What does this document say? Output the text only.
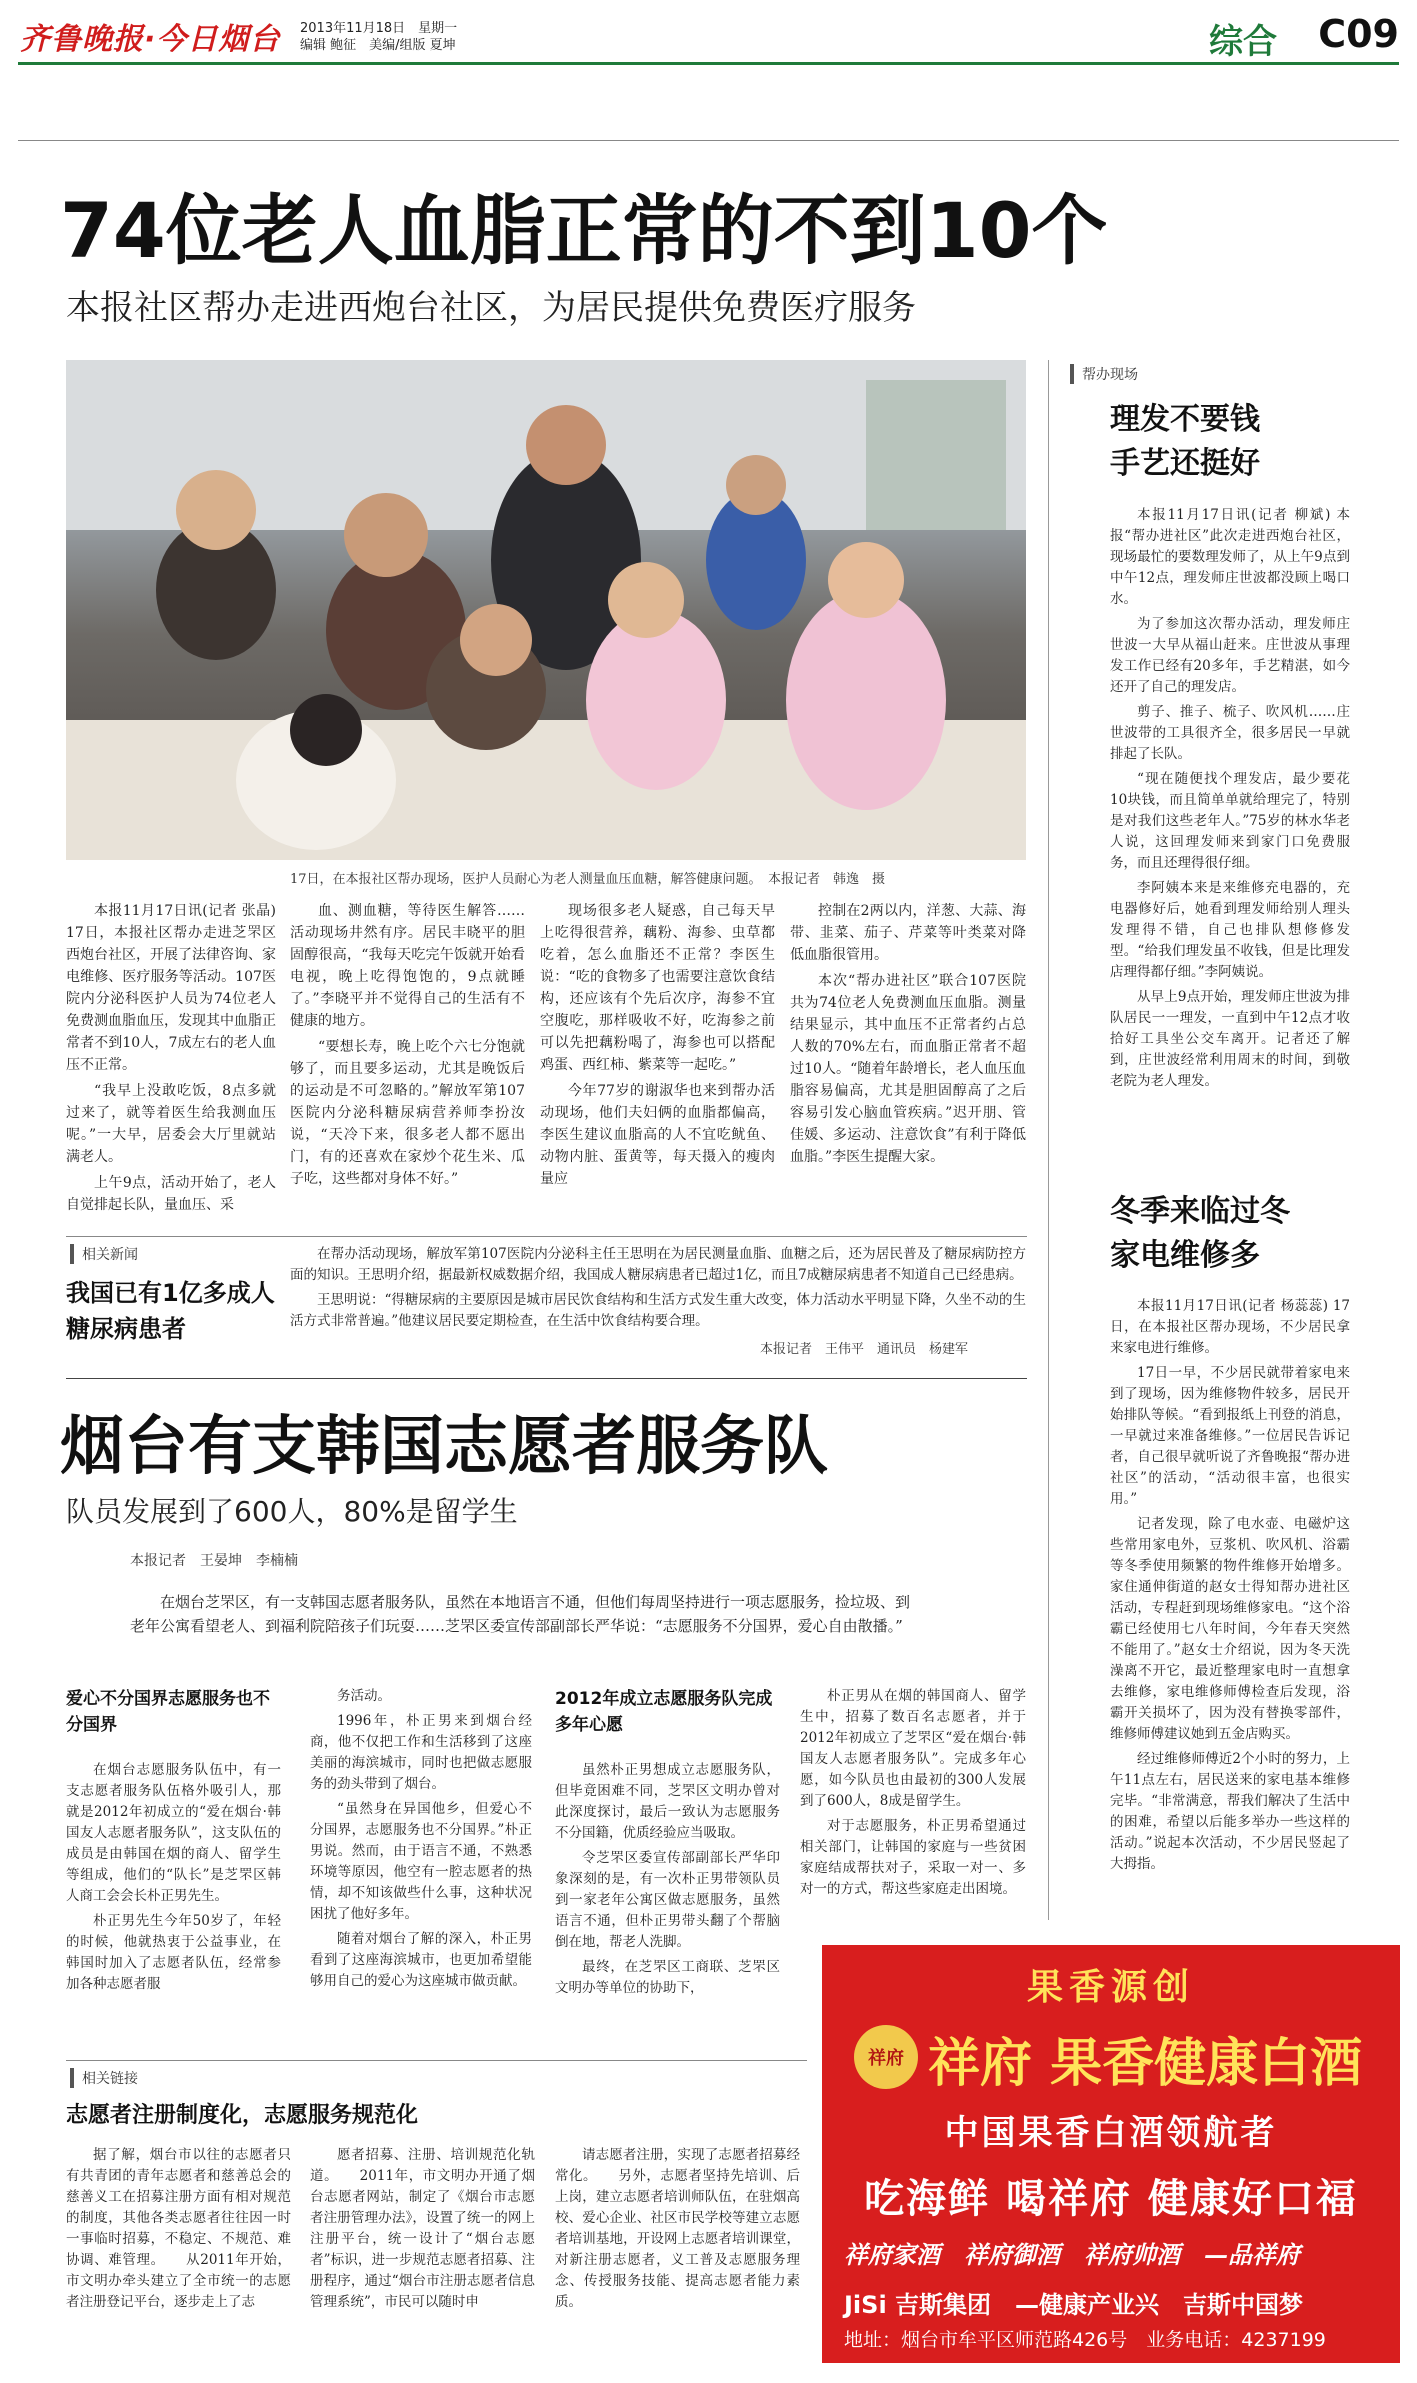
齐鲁晚报·今日烟台 2013年11月18日　星期一
编辑 鲍征　美编/组版 夏坤	综合 C09
74位老人血脂正常的不到10个
本报社区帮办走进西炮台社区，为居民提供免费医疗服务
17日，在本报社区帮办现场，医护人员耐心为老人测量血压血糖，解答健康问题。　本报记者　韩逸　摄

本报11月17日讯(记者 张晶) 17日，本报社区帮办走进芝罘区西炮台社区，开展了法律咨询、家电维修、医疗服务等活动。107医院内分泌科医护人员为74位老人免费测血脂血压，发现其中血脂正常者不到10人，7成左右的老人血压不正常。

“我早上没敢吃饭，8点多就过来了，就等着医生给我测血压呢。”一大早，居委会大厅里就站满老人。

上午9点，活动开始了，老人自觉排起长队，量血压、采

血、测血糖，等待医生解答……活动现场井然有序。居民丰晓平的胆固醇很高，“我每天吃完午饭就开始看电视，晚上吃得饱饱的，9点就睡了。”李晓平并不觉得自己的生活有不健康的地方。

“要想长寿，晚上吃个六七分饱就够了，而且要多运动，尤其是晚饭后的运动是不可忽略的。”解放军第107医院内分泌科糖尿病营养师李扮汝说，“天冷下来，很多老人都不愿出门，有的还喜欢在家炒个花生米、瓜子吃，这些都对身体不好。”

现场很多老人疑惑，自己每天早上吃得很营养，藕粉、海参、虫草都吃着，怎么血脂还不正常？李医生说：“吃的食物多了也需要注意饮食结构，还应该有个先后次序，海参不宜空腹吃，那样吸收不好，吃海参之前可以先把藕粉喝了，海参也可以搭配鸡蛋、西红柿、紫菜等一起吃。”

今年77岁的谢淑华也来到帮办活动现场，他们夫妇俩的血脂都偏高，李医生建议血脂高的人不宜吃鱿鱼、动物内脏、蛋黄等，每天摄入的瘦肉量应

控制在2两以内，洋葱、大蒜、海带、韭菜、茄子、芹菜等叶类菜对降低血脂很管用。

本次“帮办进社区”联合107医院共为74位老人免费测血压血脂。测量结果显示，其中血压不正常者约占总人数的70%左右，而血脂正常者不超过10人。“随着年龄增长，老人血压血脂容易偏高，尤其是胆固醇高了之后容易引发心脑血管疾病。”迟开朋、管佳媛、多运动、注意饮食”有利于降低血脂。”李医生提醒大家。

相关新闻
我国已有1亿多成人糖尿病患者

在帮办活动现场，解放军第107医院内分泌科主任王思明在为居民测量血脂、血糖之后，还为居民普及了糖尿病防控方面的知识。王思明介绍，据最新权威数据介绍，我国成人糖尿病患者已超过1亿，而且7成糖尿病患者不知道自己已经患病。

王思明说：“得糖尿病的主要原因是城市居民饮食结构和生活方式发生重大改变，体力活动水平明显下降，久坐不动的生活方式非常普遍。”他建议居民要定期检查，在生活中饮食结构要合理。

本报记者　王伟平　通讯员　杨建军
帮办现场
理发不要钱手艺还挺好

本报11月17日讯(记者 柳斌) 本报“帮办进社区”此次走进西炮台社区，现场最忙的要数理发师了，从上午9点到中午12点，理发师庄世波都没顾上喝口水。

为了参加这次帮办活动，理发师庄世波一大早从福山赶来。庄世波从事理发工作已经有20多年，手艺精湛，如今还开了自己的理发店。

剪子、推子、梳子、吹风机……庄世波带的工具很齐全，很多居民一早就排起了长队。

“现在随便找个理发店，最少要花10块钱，而且简单单就给理完了，特别是对我们这些老年人。”75岁的林水华老人说，这回理发师来到家门口免费服务，而且还理得很仔细。

李阿姨本来是来维修充电器的，充电器修好后，她看到理发师给别人理头发理得不错，自己也排队想修修发型。“给我们理发虽不收钱，但是比理发店理得都仔细。”李阿姨说。

从早上9点开始，理发师庄世波为排队居民一一理发，一直到中午12点才收拾好工具坐公交车离开。记者还了解到，庄世波经常利用周末的时间，到敬老院为老人理发。

冬季来临过冬家电维修多

本报11月17日讯(记者 杨蕊蕊) 17日，在本报社区帮办现场，不少居民拿来家电进行维修。

17日一早，不少居民就带着家电来到了现场，因为维修物件较多，居民开始排队等候。“看到报纸上刊登的消息，一早就过来准备维修。”一位居民告诉记者，自己很早就听说了齐鲁晚报“帮办进社区”的活动，“活动很丰富，也很实用。”

记者发现，除了电水壶、电磁炉这些常用家电外，豆浆机、吹风机、浴霸等冬季使用频繁的物件维修开始增多。家住通伸街道的赵女士得知帮办进社区活动，专程赶到现场维修家电。“这个浴霸已经使用七八年时间，今年春天突然不能用了。”赵女士介绍说，因为冬天洗澡离不开它，最近整理家电时一直想拿去维修，家电维修师傅检查后发现，浴霸开关损坏了，因为没有替换零部件，维修师傅建议她到五金店购买。

经过维修师傅近2个小时的努力，上午11点左右，居民送来的家电基本维修完毕。“非常满意，帮我们解决了生活中的困难，希望以后能多举办一些这样的活动。”说起本次活动，不少居民竖起了大拇指。

烟台有支韩国志愿者服务队
队员发展到了600人，80%是留学生
本报记者　王晏坤　李楠楠

在烟台芝罘区，有一支韩国志愿者服务队，虽然在本地语言不通，但他们每周坚持进行一项志愿服务，捡垃圾、到老年公寓看望老人、到福利院陪孩子们玩耍……芝罘区委宣传部副部长严华说：“志愿服务不分国界，爱心自由散播。”

爱心不分国界志愿服务也不分国界

在烟台志愿服务队伍中，有一支志愿者服务队伍格外吸引人，那就是2012年初成立的“爱在烟台·韩国友人志愿者服务队”，这支队伍的成员是由韩国在烟的商人、留学生等组成，他们的“队长”是芝罘区韩人商工会会长朴正男先生。

朴正男先生今年50岁了，年轻的时候，他就热衷于公益事业，在韩国时加入了志愿者队伍，经常参加各种志愿者服

务活动。

1996年，朴正男来到烟台经商，他不仅把工作和生活移到了这座美丽的海滨城市，同时也把做志愿服务的劲头带到了烟台。

“虽然身在异国他乡，但爱心不分国界，志愿服务也不分国界。”朴正男说。然而，由于语言不通，不熟悉环境等原因，他空有一腔志愿者的热情，却不知该做些什么事，这种状况困扰了他好多年。

随着对烟台了解的深入，朴正男看到了这座海滨城市，也更加希望能够用自己的爱心为这座城市做贡献。

2012年成立志愿服务队完成多年心愿

虽然朴正男想成立志愿服务队，但毕竟困难不同，芝罘区文明办曾对此深度探讨，最后一致认为志愿服务不分国籍，优质经验应当吸取。

令芝罘区委宣传部副部长严华印象深刻的是，有一次朴正男带领队员到一家老年公寓区做志愿服务，虽然语言不通，但朴正男带头翻了个帮脑倒在地，帮老人洗脚。

最终，在芝罘区工商联、芝罘区文明办等单位的协助下，

朴正男从在烟的韩国商人、留学生中，招募了数百名志愿者，并于2012年初成立了芝罘区“爱在烟台·韩国友人志愿者服务队”。完成多年心愿，如今队员也由最初的300人发展到了600人，8成是留学生。

对于志愿服务，朴正男希望通过相关部门，让韩国的家庭与一些贫困家庭结成帮扶对子，采取一对一、多对一的方式，帮这些家庭走出困境。

相关链接
志愿者注册制度化，志愿服务规范化

据了解，烟台市以往的志愿者只有共青团的青年志愿者和慈善总会的慈善义工在招募注册方面有相对规范的制度，其他各类志愿者往往因一时一事临时招募，不稳定、不规范、难协调、难管理。　　从2011年开始，市文明办牵头建立了全市统一的志愿者注册登记平台，逐步走上了志

愿者招募、注册、培训规范化轨道。　　2011年，市文明办开通了烟台志愿者网站，制定了《烟台市志愿者注册管理办法》，设置了统一的网上注册平台，统一设计了“烟台志愿者”标识，进一步规范志愿者招募、注册程序，通过“烟台市注册志愿者信息管理系统”，市民可以随时申

请志愿者注册，实现了志愿者招募经常化。　　另外，志愿者坚持先培训、后上岗，建立志愿者培训师队伍，在驻烟高校、爱心企业、社区市民学校等建立志愿者培训基地，开设网上志愿者培训课堂，对新注册志愿者，义工普及志愿服务理念、传授服务技能、提高志愿者能力素质。

果香源创
祥府 祥府 果香健康白酒
中国果香白酒领航者
吃海鲜 喝祥府 健康好口福
祥府家酒　祥府御酒　祥府帅酒　—品祥府
JiSi 吉斯集团　—健康产业兴　吉斯中国梦
地址：烟台市牟平区师范路426号　业务电话：4237199
